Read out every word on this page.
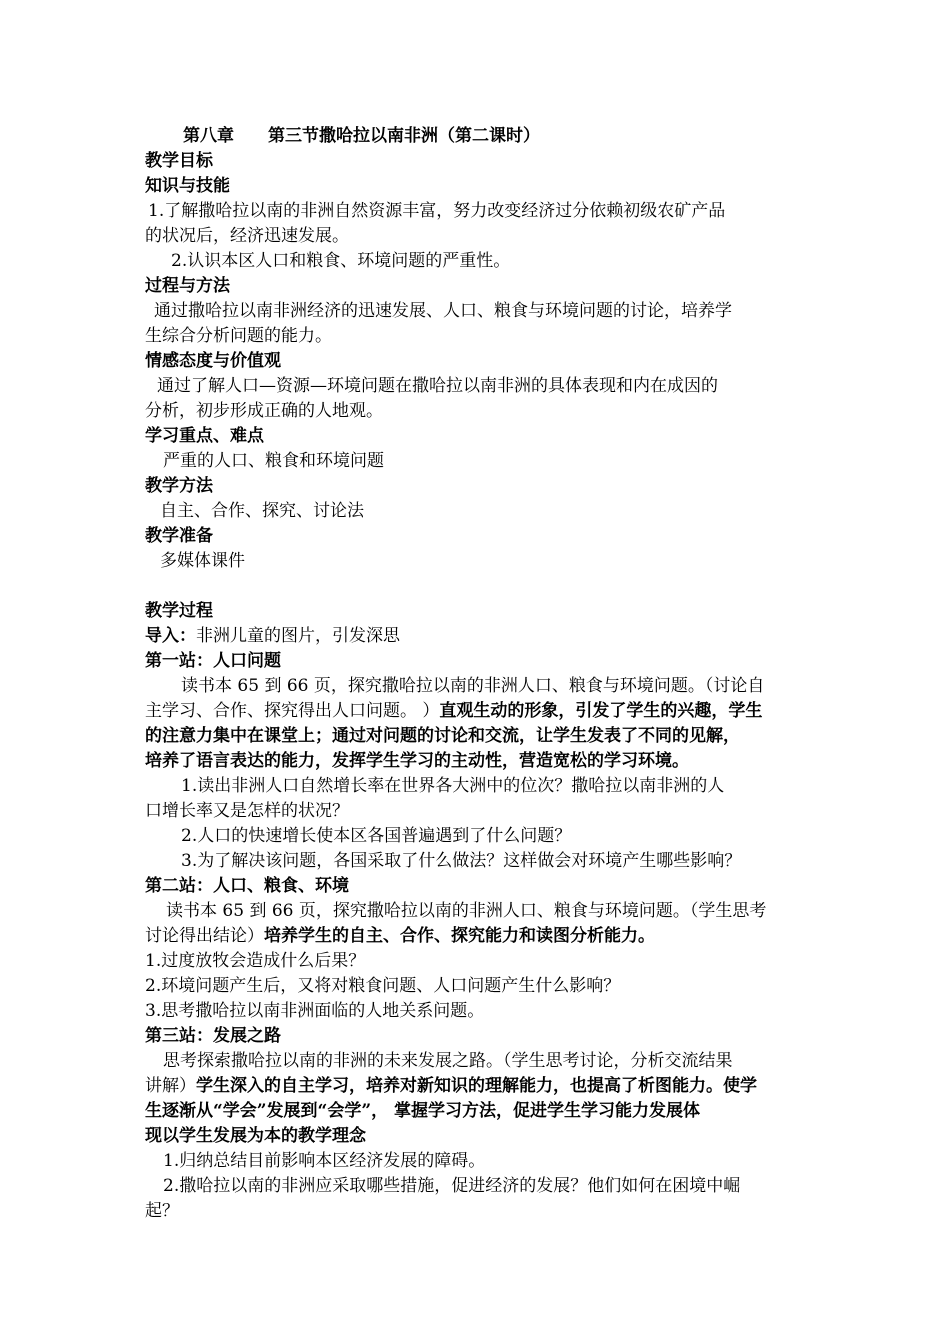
第八章 第三节撒哈拉以南非洲（第二课时）
教学目标
知识与技能
1.了解撒哈拉以南的非洲自然资源丰富，努力改变经济过分依赖初级农矿产品
的状况后，经济迅速发展。
2.认识本区人口和粮食、环境问题的严重性。
过程与方法
通过撒哈拉以南非洲经济的迅速发展、人口、粮食与环境问题的讨论，培养学
生综合分析问题的能力。
情感态度与价值观
通过了解人口—资源—环境问题在撒哈拉以南非洲的具体表现和内在成因的
分析，初步形成正确的人地观。
学习重点、难点
严重的人口、粮食和环境问题
教学方法
自主、合作、探究、讨论法
教学准备
多媒体课件
教学过程
导入：非洲儿童的图片，引发深思
第一站：人口问题
读书本 65 到 66 页，探究撒哈拉以南的非洲人口、粮食与环境问题。（讨论自
主学习、合作、探究得出人口问题。 ）直观生动的形象，引发了学生的兴趣，学生
的注意力集中在课堂上；通过对问题的讨论和交流，让学生发表了不同的见解，
培养了语言表达的能力，发挥学生学习的主动性，营造宽松的学习环境。
1.读出非洲人口自然增长率在世界各大洲中的位次？撒哈拉以南非洲的人
口增长率又是怎样的状况？
2.人口的快速增长使本区各国普遍遇到了什么问题？
3.为了解决该问题，各国采取了什么做法？这样做会对环境产生哪些影响？
第二站：人口、粮食、环境
读书本 65 到 66 页，探究撒哈拉以南的非洲人口、粮食与环境问题。（学生思考
讨论得出结论）培养学生的自主、合作、探究能力和读图分析能力。
1.过度放牧会造成什么后果？
2.环境问题产生后，又将对粮食问题、人口问题产生什么影响？
3.思考撒哈拉以南非洲面临的人地关系问题。
第三站：发展之路
思考探索撒哈拉以南的非洲的未来发展之路。（学生思考讨论，分析交流结果
讲解）学生深入的自主学习，培养对新知识的理解能力，也提高了析图能力。使学
生逐渐从“学会”发展到“会学”， 掌握学习方法，促进学生学习能力发展体
现以学生发展为本的教学理念
1.归纳总结目前影响本区经济发展的障碍。
2.撒哈拉以南的非洲应采取哪些措施，促进经济的发展？他们如何在困境中崛
起？
